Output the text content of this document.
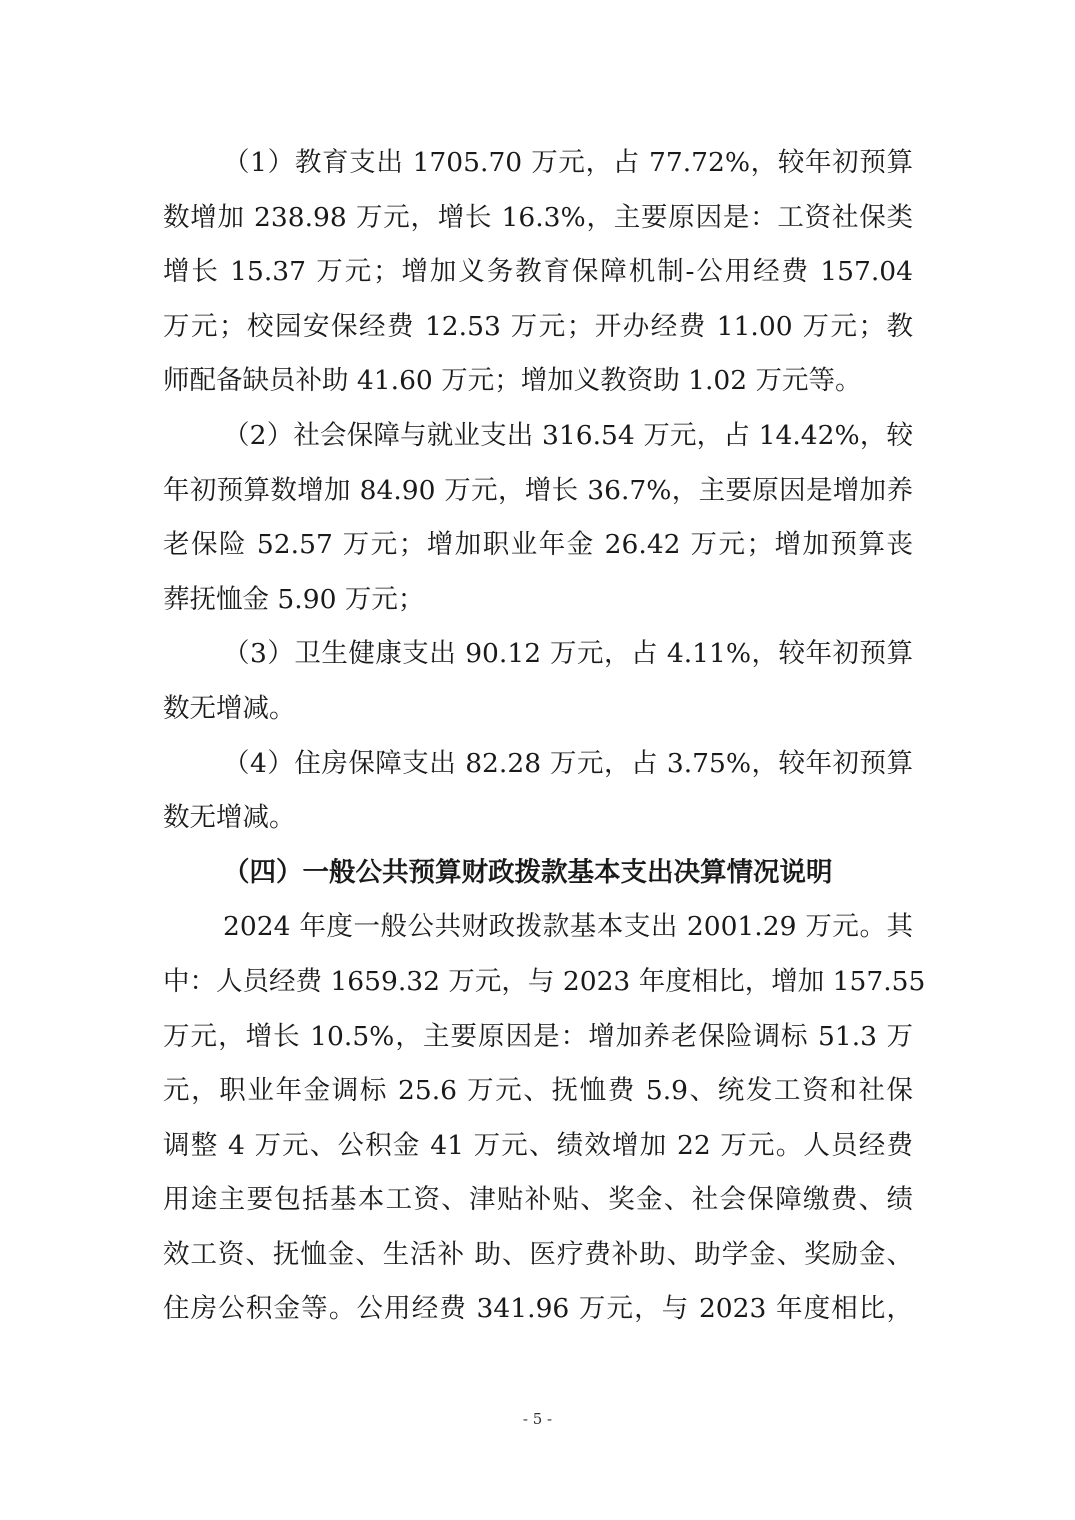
（1）教育支出 1705.70 万元，占 77.72%，较年初预算
数增加 238.98 万元，增长 16.3%，主要原因是：工资社保类
增长 15.37 万元；增加义务教育保障机制-公用经费 157.04
万元；校园安保经费 12.53 万元；开办经费 11.00 万元；教
师配备缺员补助 41.60 万元；增加义教资助 1.02 万元等。
（2）社会保障与就业支出 316.54 万元，占 14.42%，较
年初预算数增加 84.90 万元，增长 36.7%，主要原因是增加养
老保险 52.57 万元；增加职业年金 26.42 万元；增加预算丧
葬抚恤金 5.90 万元；
（3）卫生健康支出 90.12 万元，占 4.11%，较年初预算
数无增减。
（4）住房保障支出 82.28 万元，占 3.75%，较年初预算
数无增减。
（四）一般公共预算财政拨款基本支出决算情况说明
2024 年度一般公共财政拨款基本支出 2001.29 万元。其
中：人员经费 1659.32 万元，与 2023 年度相比，增加 157.55
万元，增长 10.5%，主要原因是：增加养老保险调标 51.3 万
元，职业年金调标 25.6 万元、抚恤费 5.9、统发工资和社保
调整 4 万元、公积金 41 万元、绩效增加 22 万元。人员经费
用途主要包括基本工资、津贴补贴、奖金、社会保障缴费、绩
效工资、抚恤金、生活补 助、医疗费补助、助学金、奖励金、
住房公积金等。公用经费 341.96 万元，与 2023 年度相比，
- 5 -
